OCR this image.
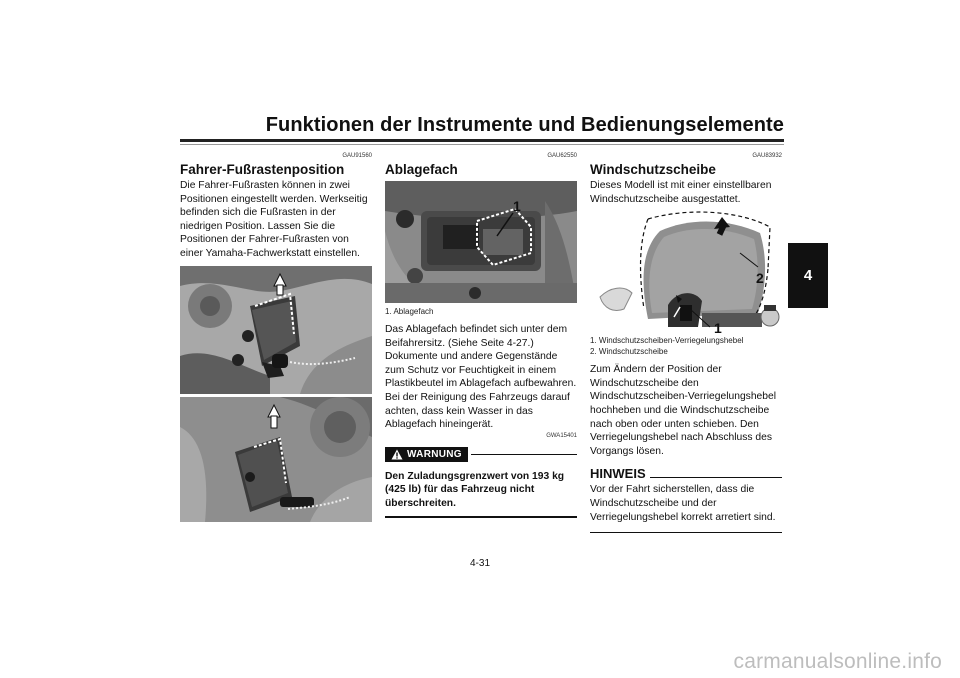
Funktionen der Instrumente und Bedienungselemente
4
GAU91560
Fahrer-Fußrastenposition

Die Fahrer-Fußrasten können in zwei Positionen eingestellt werden. Werkseitig befinden sich die Fußrasten in der niedrigen Position. Lassen Sie die Positionen der Fahrer-Fußrasten von einer Yamaha-Fachwerkstatt einstellen.

GAU62550
Ablagefach
1
1. Ablagefach

Das Ablagefach befindet sich unter dem Beifahrersitz. (Siehe Seite 4-27.) Dokumente und andere Gegenstände zum Schutz vor Feuchtigkeit in einem Plastikbeutel im Ablagefach aufbewahren. Bei der Reinigung des Fahrzeugs darauf achten, dass kein Wasser in das Ablagefach hineingerät.

GWA15401
WARNUNG

Den Zuladungsgrenzwert von 193 kg (425 lb) für das Fahrzeug nicht überschreiten.

GAU83932
Windschutzscheibe

Dieses Modell ist mit einer einstellbaren Windschutzscheibe ausgestattet.

2
1
1. Windschutzscheiben-Verriegelungshebel
2. Windschutzscheibe

Zum Ändern der Position der Windschutzscheibe den Windschutzscheiben-Verriegelungshebel hochheben und die Windschutzscheibe nach oben oder unten schieben. Den Verriegelungshebel nach Abschluss des Vorgangs lösen.

HINWEIS

Vor der Fahrt sicherstellen, dass die Windschutzscheibe und der Verriegelungshebel korrekt arretiert sind.

4-31
carmanualsonline.info
